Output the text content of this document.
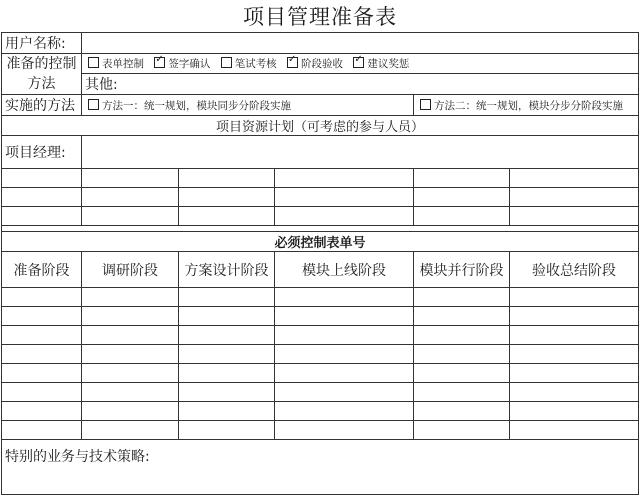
项目管理准备表
用户名称:					
准备的控制方法	表单控制 ✓ 签字确认 笔试考核 ✓ 阶段验收 ✓ 建议奖惩
	其他:				
实施的方法	方法一：统一规划，模块同步分阶段实施			方法二：统一规划，模块分步分阶段实施	
项目资源计划（可考虑的参与人员）					
项目经理:					

必须控制表单号					
准备阶段	调研阶段	方案设计阶段	模块上线阶段	模块并行阶段	验收总结阶段

特别的业务与技术策略:					
